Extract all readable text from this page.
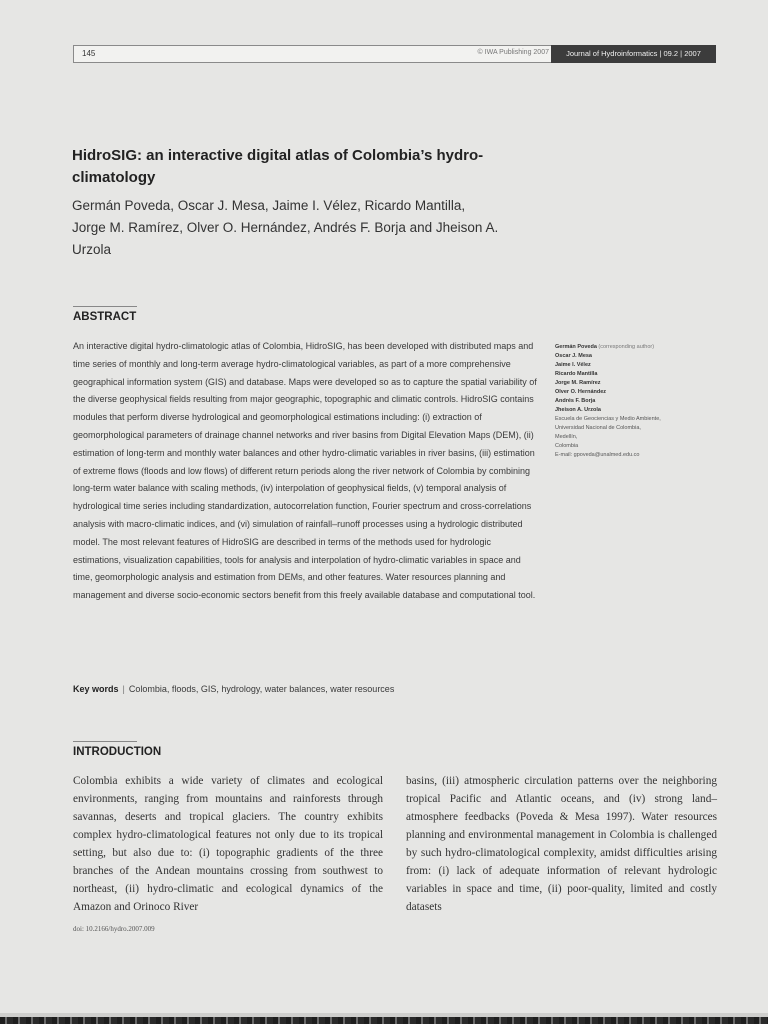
145	© IWA Publishing 2007	Journal of Hydroinformatics | 09.2 | 2007
HidroSIG: an interactive digital atlas of Colombia’s hydro-climatology
Germán Poveda, Oscar J. Mesa, Jaime I. Vélez, Ricardo Mantilla, Jorge M. Ramírez, Olver O. Hernández, Andrés F. Borja and Jheison A. Urzola
ABSTRACT

An interactive digital hydro-climatologic atlas of Colombia, HidroSIG, has been developed with distributed maps and time series of monthly and long-term average hydro-climatological variables, as part of a more comprehensive geographical information system (GIS) and database. Maps were developed so as to capture the spatial variability of the diverse geophysical fields resulting from major geographic, topographic and climatic controls. HidroSIG contains modules that perform diverse hydrological and geomorphological estimations including: (i) extraction of geomorphological parameters of drainage channel networks and river basins from Digital Elevation Maps (DEM), (ii) estimation of long-term and monthly water balances and other hydro-climatic variables in river basins, (iii) estimation of extreme flows (floods and low flows) of different return periods along the river network of Colombia by combining long-term water balance with scaling methods, (iv) interpolation of geophysical fields, (v) temporal analysis of hydrological time series including standardization, autocorrelation function, Fourier spectrum and cross-correlations analysis with macro-climatic indices, and (vi) simulation of rainfall–runoff processes using a hydrologic distributed model. The most relevant features of HidroSIG are described in terms of the methods used for hydrologic estimations, visualization capabilities, tools for analysis and interpolation of hydro-climatic variables in space and time, geomorphologic analysis and estimation from DEMs, and other features. Water resources planning and management and diverse socio-economic sectors benefit from this freely available database and computational tool.

Key words | Colombia, floods, GIS, hydrology, water balances, water resources
Germán Poveda (corresponding author)
Oscar J. Mesa
Jaime I. Vélez
Ricardo Mantilla
Jorge M. Ramírez
Olver O. Hernández
Andrés F. Borja
Jheison A. Urzola
Escuela de Geociencias y Medio Ambiente,
Universidad Nacional de Colombia,
Medellín,
Colombia
E-mail: gpoveda@unalmed.edu.co
INTRODUCTION

Colombia exhibits a wide variety of climates and ecological environments, ranging from mountains and rainforests through savannas, deserts and tropical glaciers. The country exhibits complex hydro-climatological features not only due to its tropical setting, but also due to: (i) topographic gradients of the three branches of the Andean mountains crossing from southwest to northeast, (ii) hydro-climatic and ecological dynamics of the Amazon and Orinoco River

basins, (iii) atmospheric circulation patterns over the neighboring tropical Pacific and Atlantic oceans, and (iv) strong land–atmosphere feedbacks (Poveda & Mesa 1997). Water resources planning and environmental management in Colombia is challenged by such hydro-climatological complexity, amidst difficulties arising from: (i) lack of adequate information of relevant hydrologic variables in space and time, (ii) poor-quality, limited and costly datasets

doi: 10.2166/hydro.2007.009
